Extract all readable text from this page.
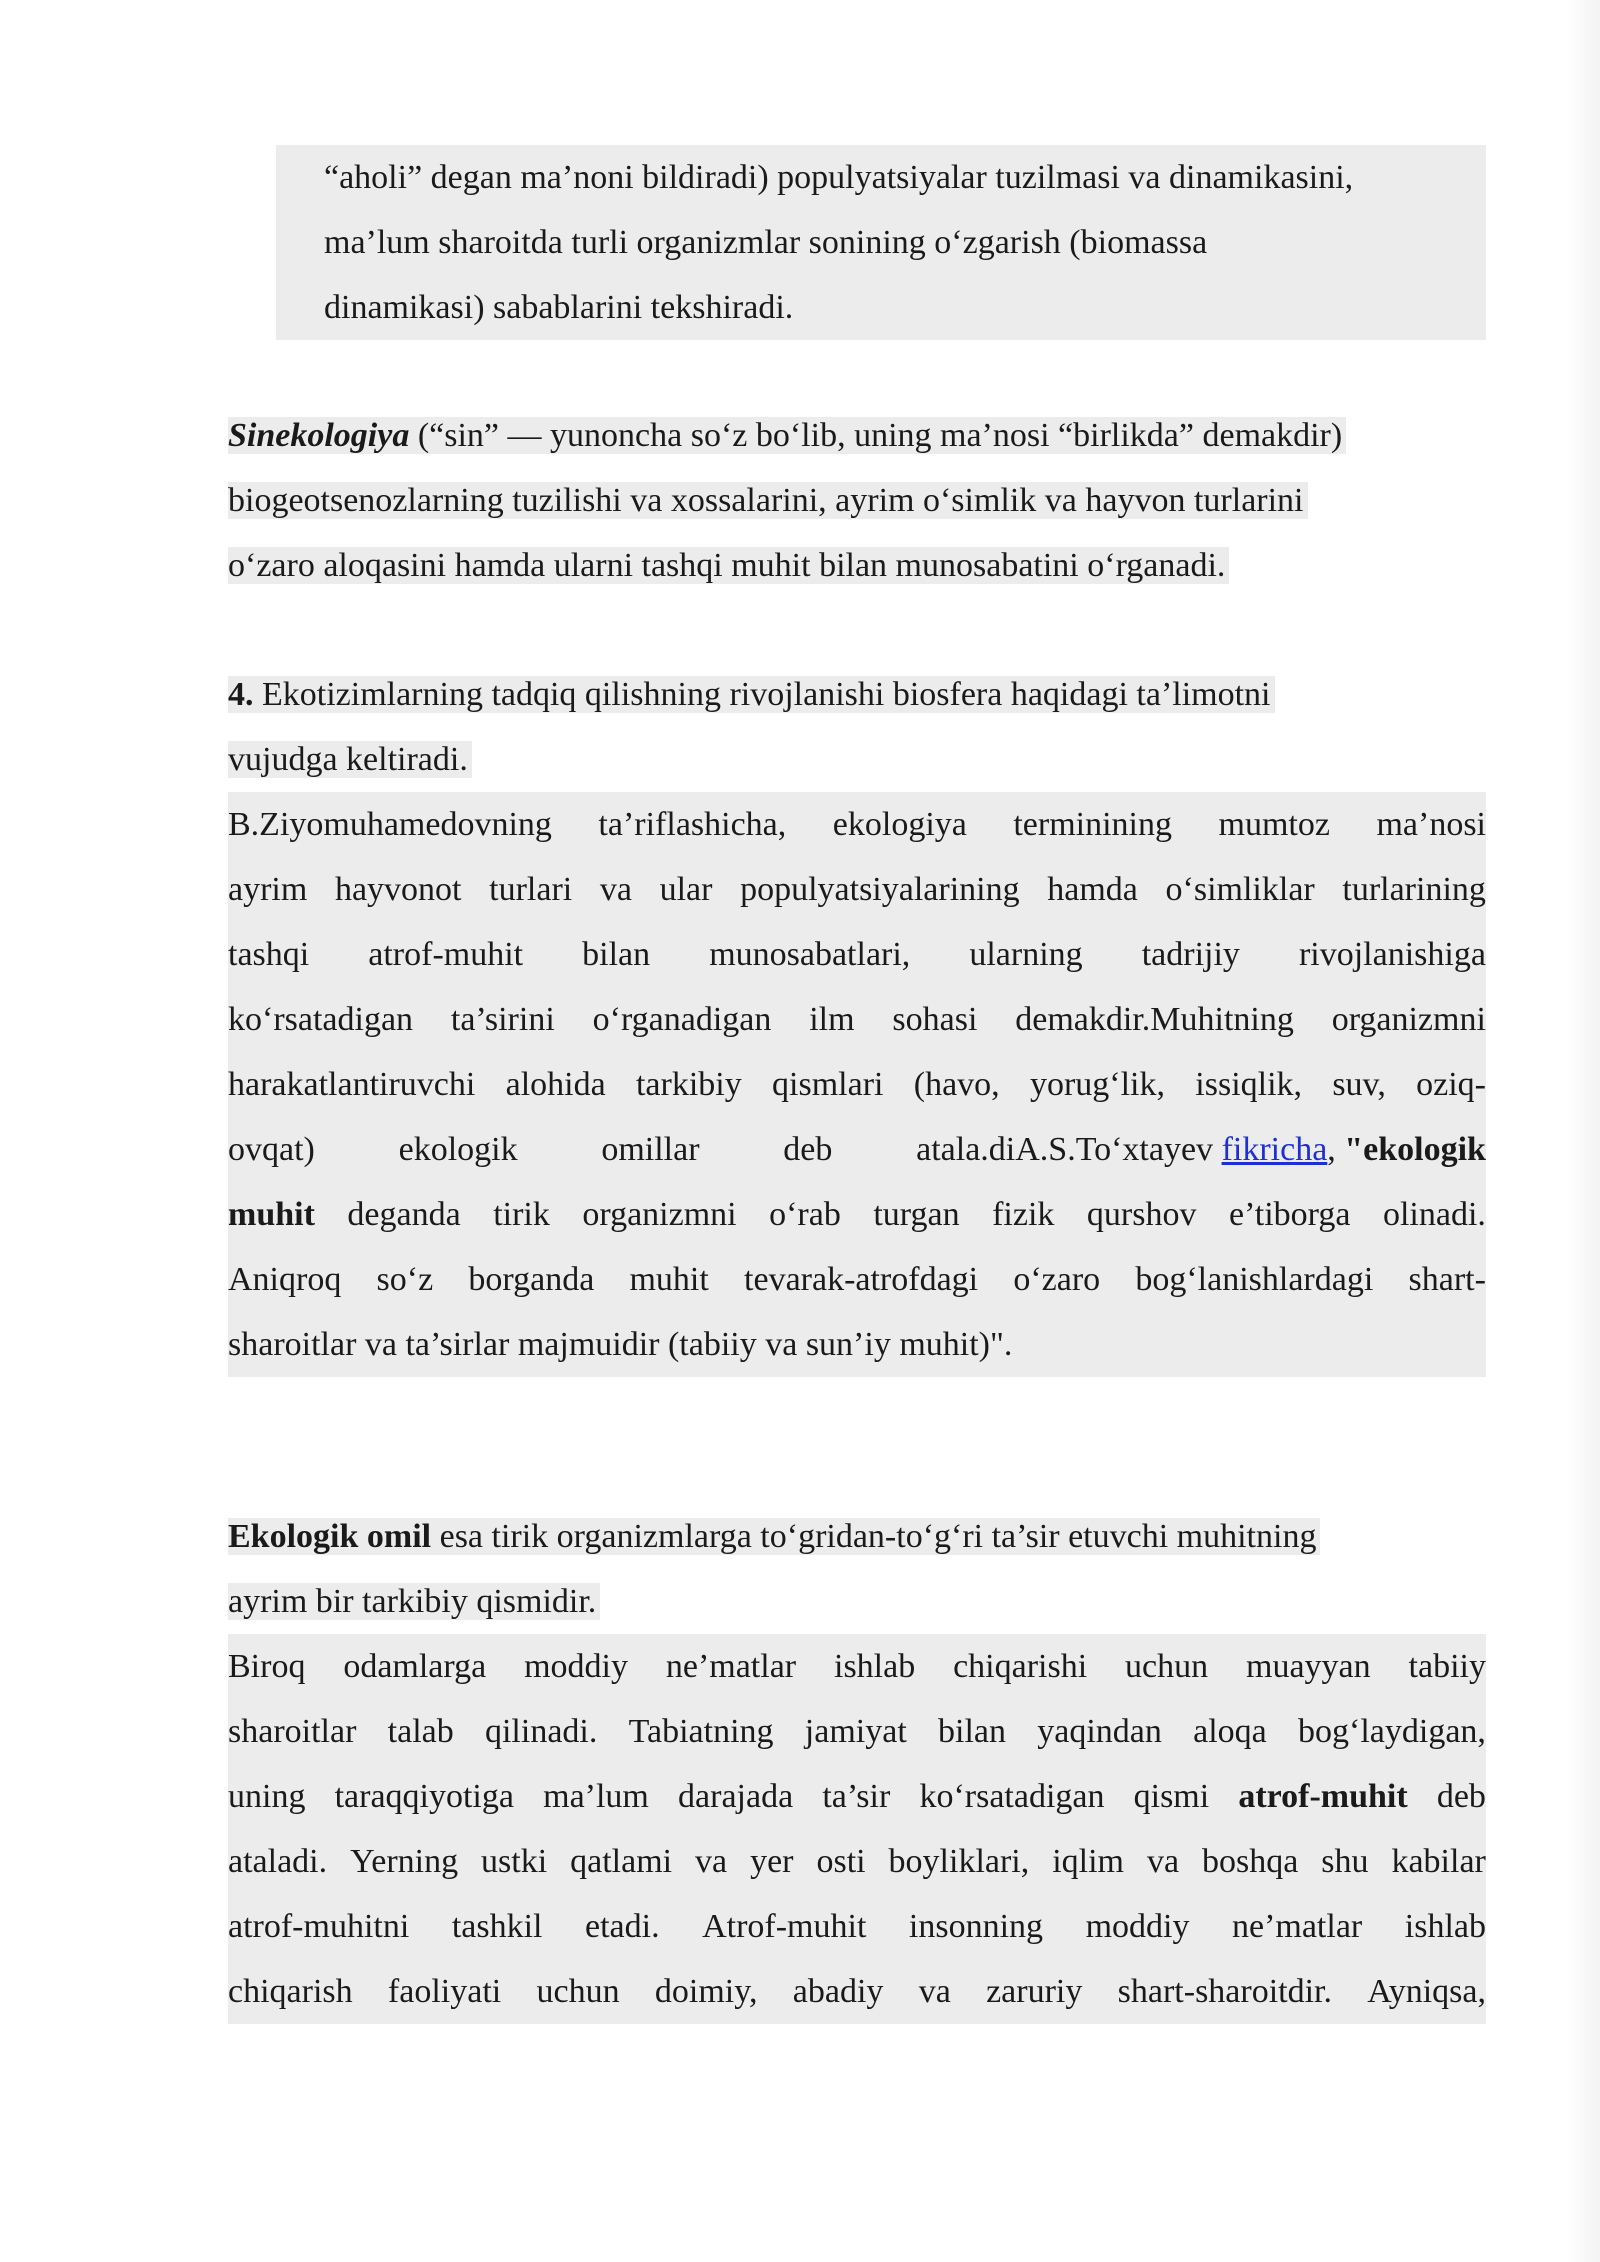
“aholi” degan ma’noni bildiradi) populyatsiyalar tuzilmasi va dinamikasini,
ma’lum sharoitda turli organizmlar sonining o‘zgarish (biomassa
dinamikasi) sabablarini tekshiradi.
Sinekologiya (“sin” — yunoncha so‘z bo‘lib, uning ma’nosi “birlikda” demakdir)
biogeotsenozlarning tuzilishi va xossalarini, ayrim o‘simlik va hayvon turlarini
o‘zaro aloqasini hamda ularni tashqi muhit bilan munosabatini o‘rganadi.
4. Ekotizimlarning tadqiq qilishning rivojlanishi biosfera haqidagi ta’limotni
vujudga keltiradi.
B.Ziyomuhamedovning ta’riflashicha, ekologiya terminining mumtoz ma’nosi
ayrim hayvonot turlari va ular populyatsiyalarining hamda o‘simliklar turlarining
tashqi atrof-muhit bilan munosabatlari, ularning tadrijiy rivojlanishiga
ko‘rsatadigan ta’sirini o‘rganadigan ilm sohasi demakdir.Muhitning organizmni
harakatlantiruvchi alohida tarkibiy qismlari (havo, yorug‘lik, issiqlik, suv, oziq-
ovqat) ekologik omillar deb atala.diA.S.To‘xtayev fikricha, "ekologik
muhit deganda tirik organizmni o‘rab turgan fizik qurshov e’tiborga olinadi.
Aniqroq so‘z borganda muhit tevarak-atrofdagi o‘zaro bog‘lanishlardagi shart-
sharoitlar va ta’sirlar majmuidir (tabiiy va sun’iy muhit)".
Ekologik omil esa tirik organizmlarga to‘gridan-to‘g‘ri ta’sir etuvchi muhitning
ayrim bir tarkibiy qismidir.
Biroq odamlarga moddiy ne’matlar ishlab chiqarishi uchun muayyan tabiiy
sharoitlar talab qilinadi. Tabiatning jamiyat bilan yaqindan aloqa bog‘laydigan,
uning taraqqiyotiga ma’lum darajada ta’sir ko‘rsatadigan qismi atrof-muhit deb
ataladi. Yerning ustki qatlami va yer osti boyliklari, iqlim va boshqa shu kabilar
atrof-muhitni tashkil etadi. Atrof-muhit insonning moddiy ne’matlar ishlab
chiqarish faoliyati uchun doimiy, abadiy va zaruriy shart-sharoitdir. Ayniqsa,
